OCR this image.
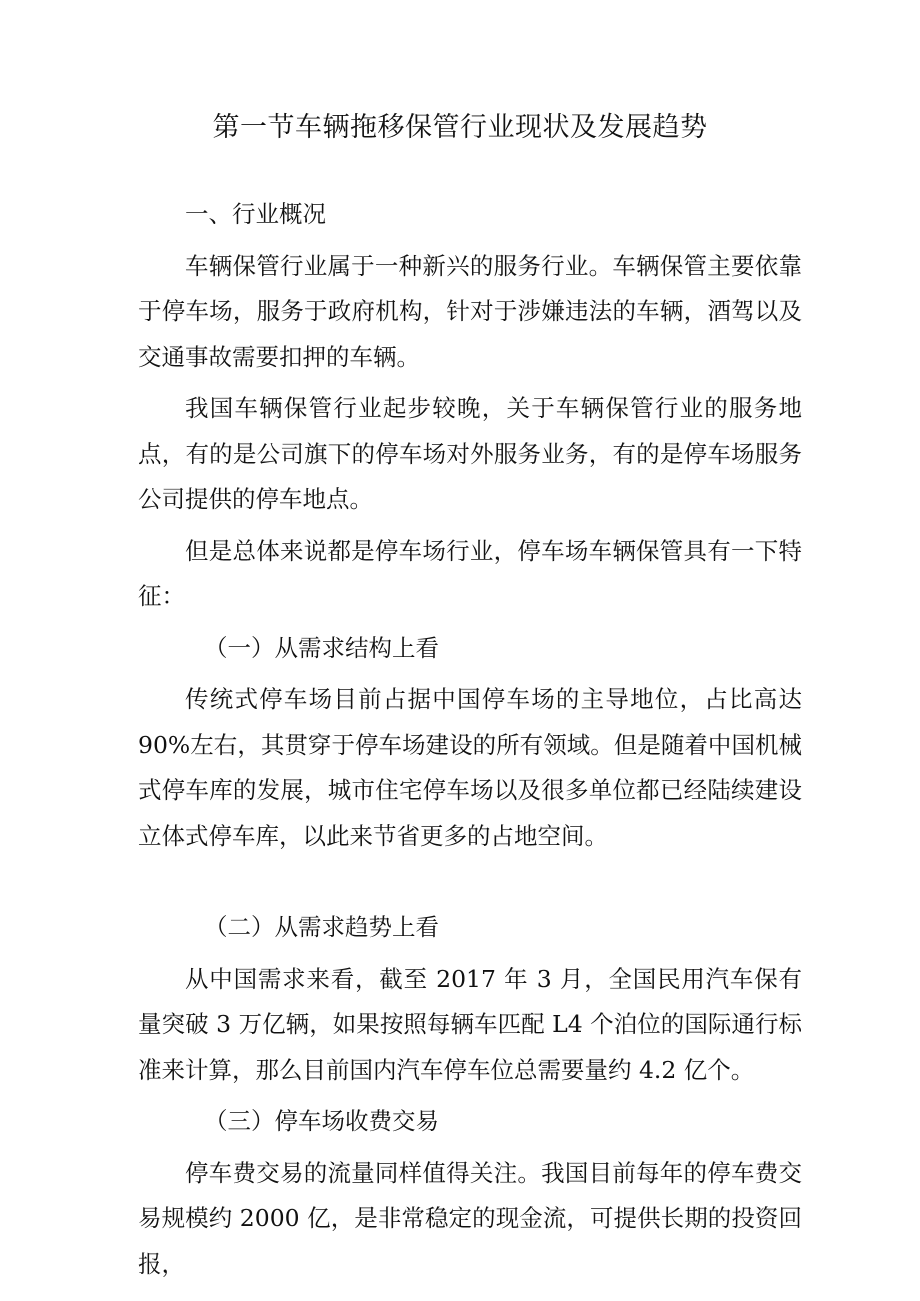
第一节车辆拖移保管行业现状及发展趋势

一、行业概况

车辆保管行业属于一种新兴的服务行业。车辆保管主要依靠于停车场，服务于政府机构，针对于涉嫌违法的车辆，酒驾以及交通事故需要扣押的车辆。

我国车辆保管行业起步较晚，关于车辆保管行业的服务地点，有的是公司旗下的停车场对外服务业务，有的是停车场服务公司提供的停车地点。

但是总体来说都是停车场行业，停车场车辆保管具有一下特征：

（一）从需求结构上看

传统式停车场目前占据中国停车场的主导地位，占比高达90%左右，其贯穿于停车场建设的所有领域。但是随着中国机械式停车库的发展，城市住宅停车场以及很多单位都已经陆续建设立体式停车库，以此来节省更多的占地空间。

（二）从需求趋势上看

从中国需求来看，截至 2017 年 3 月，全国民用汽车保有量突破 3 万亿辆，如果按照每辆车匹配 L4 个泊位的国际通行标准来计算，那么目前国内汽车停车位总需要量约 4.2 亿个。

（三）停车场收费交易

停车费交易的流量同样值得关注。我国目前每年的停车费交易规模约 2000 亿，是非常稳定的现金流，可提供长期的投资回报，
